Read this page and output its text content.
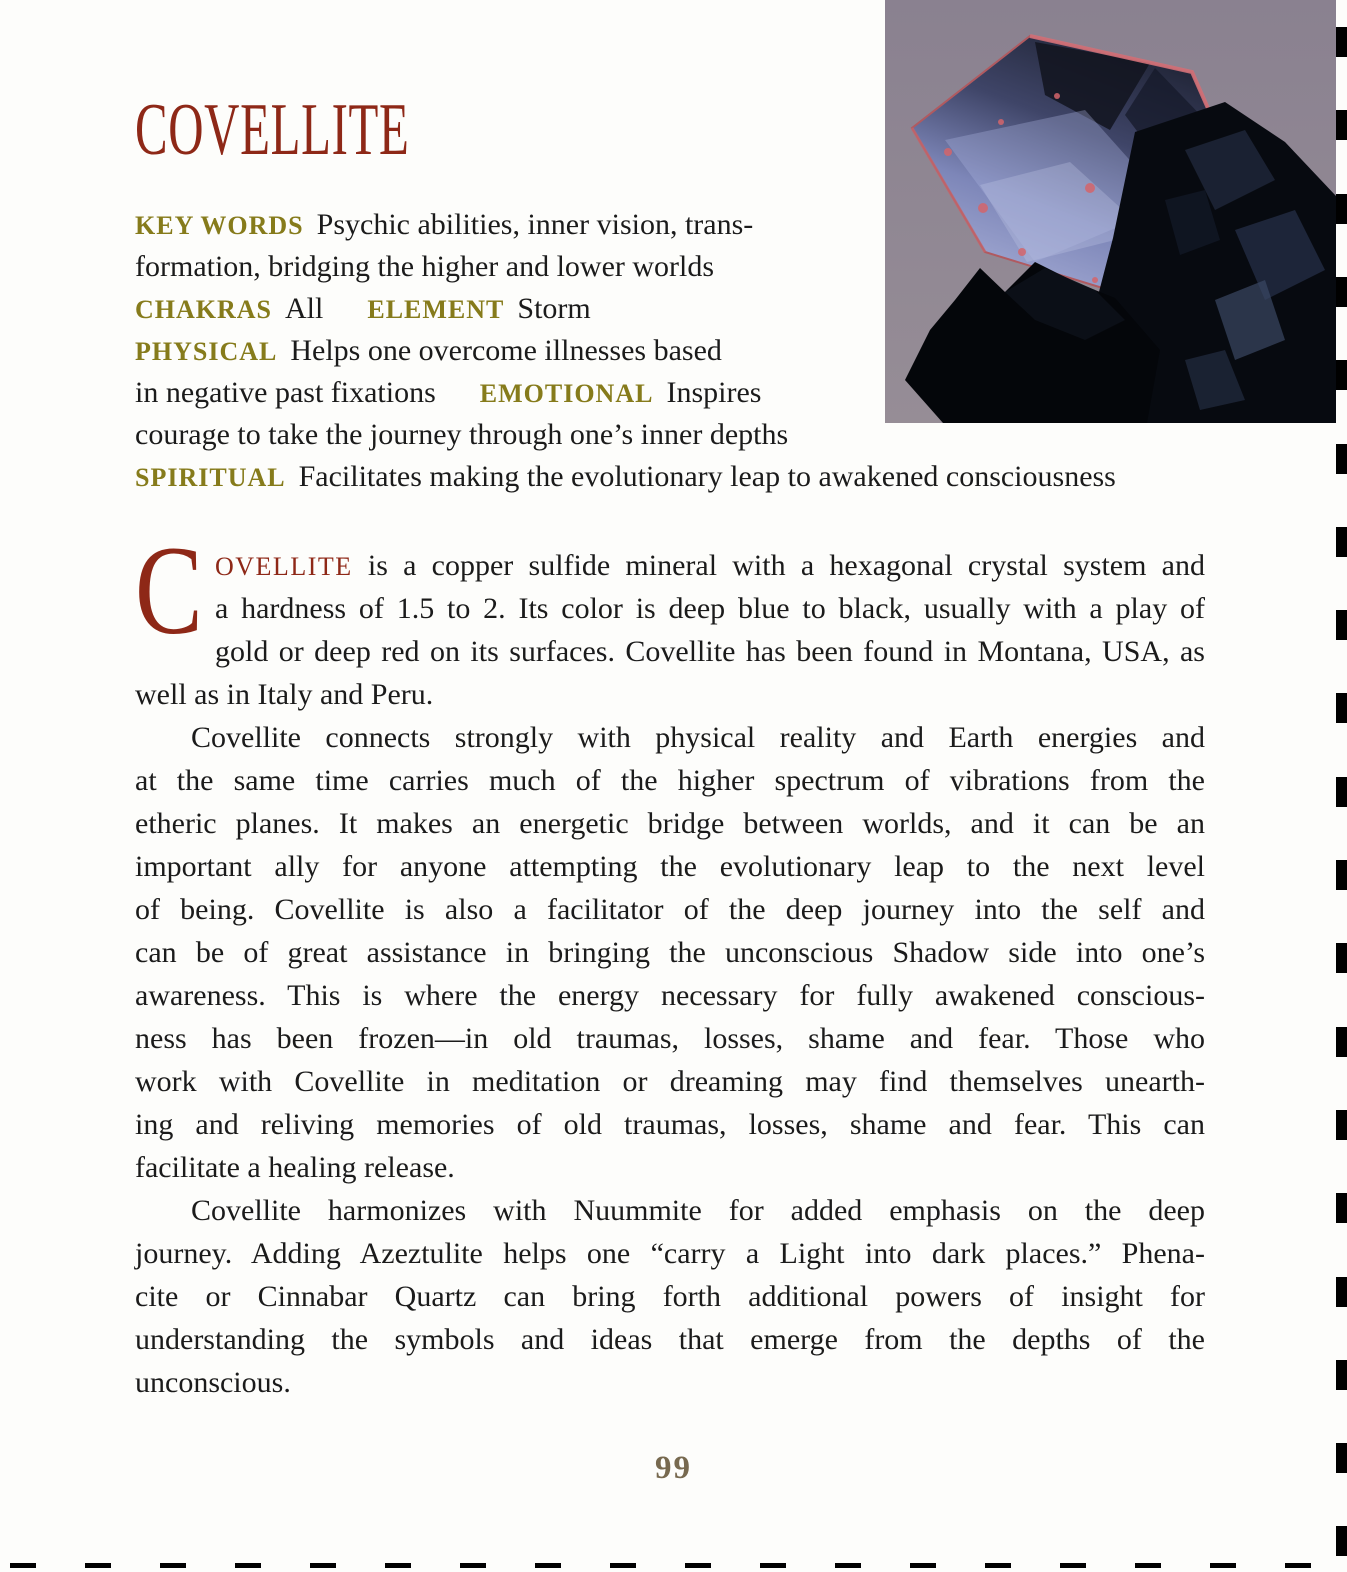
COVELLITE
KEY WORDS Psychic abilities, inner vision, trans-
formation, bridging the higher and lower worlds
CHAKRAS All ELEMENT Storm
PHYSICAL Helps one overcome illnesses based
in negative past fixations EMOTIONAL Inspires
courage to take the journey through one’s inner depths
SPIRITUAL Facilitates making the evolutionary leap to awakened consciousness
C OVELLITE is a copper sulfide mineral with a hexagonal crystal system and
a hardness of 1.5 to 2. Its color is deep blue to black, usually with a play of
gold or deep red on its surfaces. Covellite has been found in Montana, USA, as
well as in Italy and Peru.
Covellite connects strongly with physical reality and Earth energies and
at the same time carries much of the higher spectrum of vibrations from the
etheric planes. It makes an energetic bridge between worlds, and it can be an
important ally for anyone attempting the evolutionary leap to the next level
of being. Covellite is also a facilitator of the deep journey into the self and
can be of great assistance in bringing the unconscious Shadow side into one’s
awareness. This is where the energy necessary for fully awakened conscious-
ness has been frozen—in old traumas, losses, shame and fear. Those who
work with Covellite in meditation or dreaming may find themselves unearth-
ing and reliving memories of old traumas, losses, shame and fear. This can
facilitate a healing release.
Covellite harmonizes with Nuummite for added emphasis on the deep
journey. Adding Azeztulite helps one “carry a Light into dark places.” Phena-
cite or Cinnabar Quartz can bring forth additional powers of insight for
understanding the symbols and ideas that emerge from the depths of the
unconscious.
99
